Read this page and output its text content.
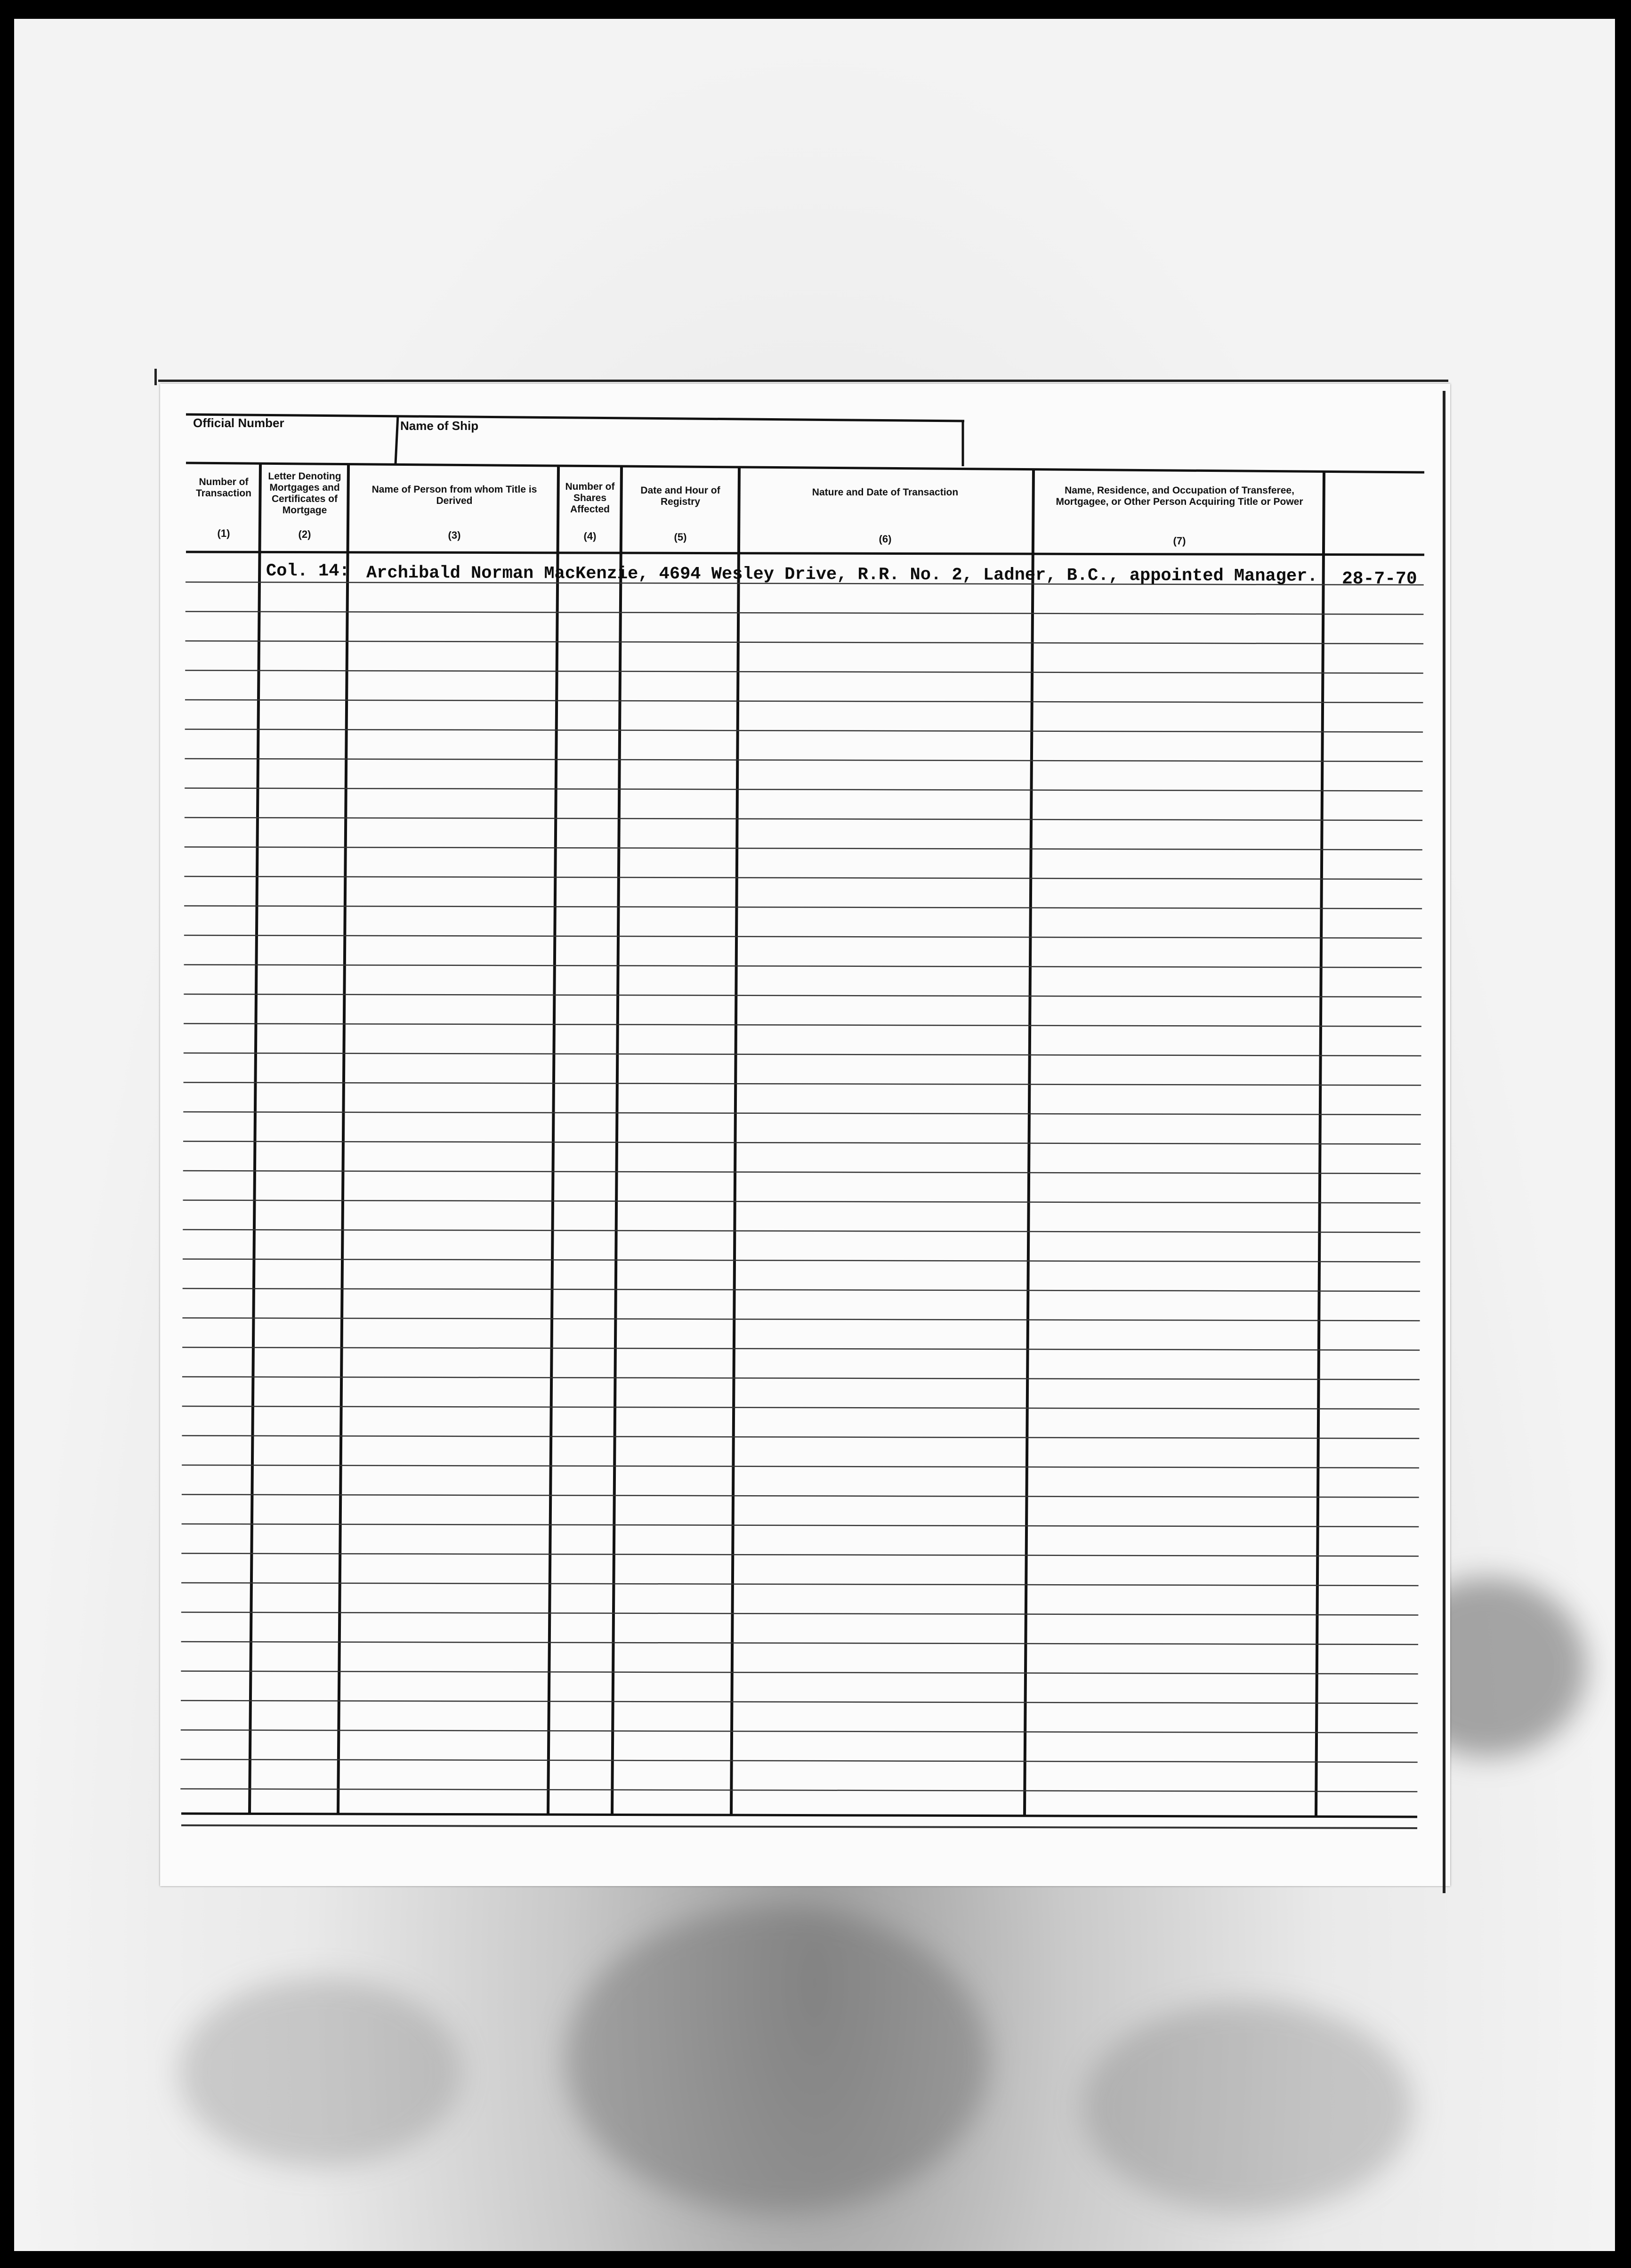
Official Number	Name of Ship

Number of Transaction

(1)

Letter Denoting Mortgages and Certificates of Mortgage

(2)

Name of Person from whom Title is Derived

(3)

Number of Shares Affected

(4)

Date and Hour of Registry

(5)

Nature and Date of Transaction

(6)

Name, Residence, and Occupation of Transferee, Mortgagee, or Other Person Acquiring Title or Power

(7)

Col. 14: Archibald Norman MacKenzie, 4694 Wesley Drive, R.R. No. 2, Ladner, B.C., appointed Manager. 28-7-70
